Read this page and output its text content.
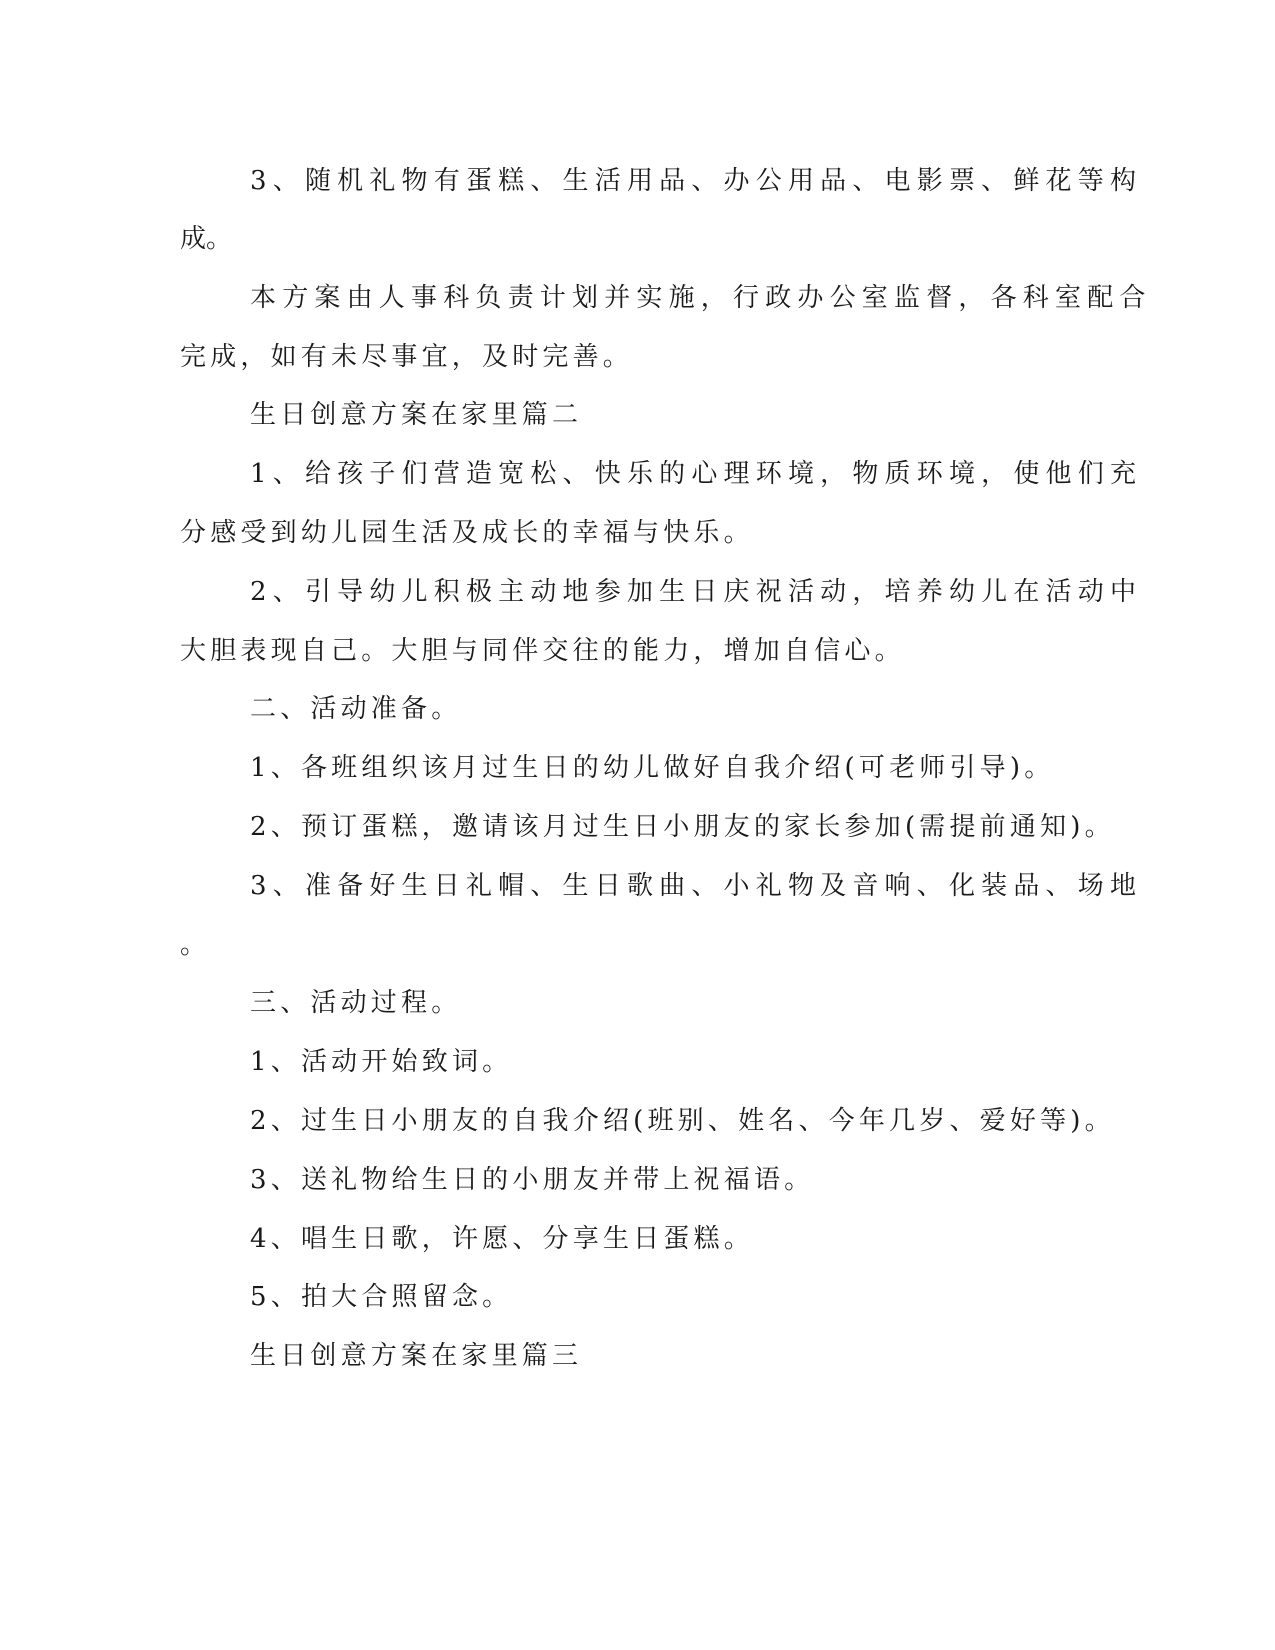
3、随机礼物有蛋糕、生活用品、办公用品、电影票、鲜花等构
成。
本方案由人事科负责计划并实施，行政办公室监督，各科室配合
完成，如有未尽事宜，及时完善。
生日创意方案在家里篇二
1、给孩子们营造宽松、快乐的心理环境，物质环境，使他们充
分感受到幼儿园生活及成长的幸福与快乐。
2、引导幼儿积极主动地参加生日庆祝活动，培养幼儿在活动中
大胆表现自己。大胆与同伴交往的能力，增加自信心。
二、活动准备。
1、各班组织该月过生日的幼儿做好自我介绍(可老师引导)。
2、预订蛋糕，邀请该月过生日小朋友的家长参加(需提前通知)。
3、准备好生日礼帽、生日歌曲、小礼物及音响、化装品、场地
。
三、活动过程。
1、活动开始致词。
2、过生日小朋友的自我介绍(班别、姓名、今年几岁、爱好等)。
3、送礼物给生日的小朋友并带上祝福语。
4、唱生日歌，许愿、分享生日蛋糕。
5、拍大合照留念。
生日创意方案在家里篇三
